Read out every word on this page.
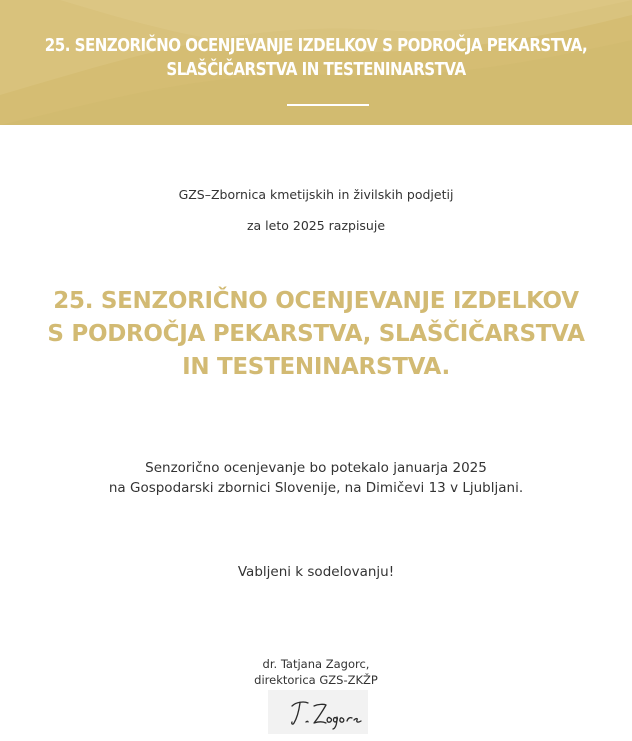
25. SENZORIČNO OCENJEVANJE IZDELKOV S PODROČJA PEKARSTVA,
SLAŠČIČARSTVA IN TESTENINARSTVA
GZS–Zbornica kmetijskih in živilskih podjetij
za leto 2025 razpisuje
25. SENZORIČNO OCENJEVANJE IZDELKOV
S PODROČJA PEKARSTVA, SLAŠČIČARSTVA
IN TESTENINARSTVA.
Senzorično ocenjevanje bo potekalo januarja 2025
na Gospodarski zbornici Slovenije, na Dimičevi 13 v Ljubljani.
Vabljeni k sodelovanju!
dr. Tatjana Zagorc,
direktorica GZS-ZKŽP
